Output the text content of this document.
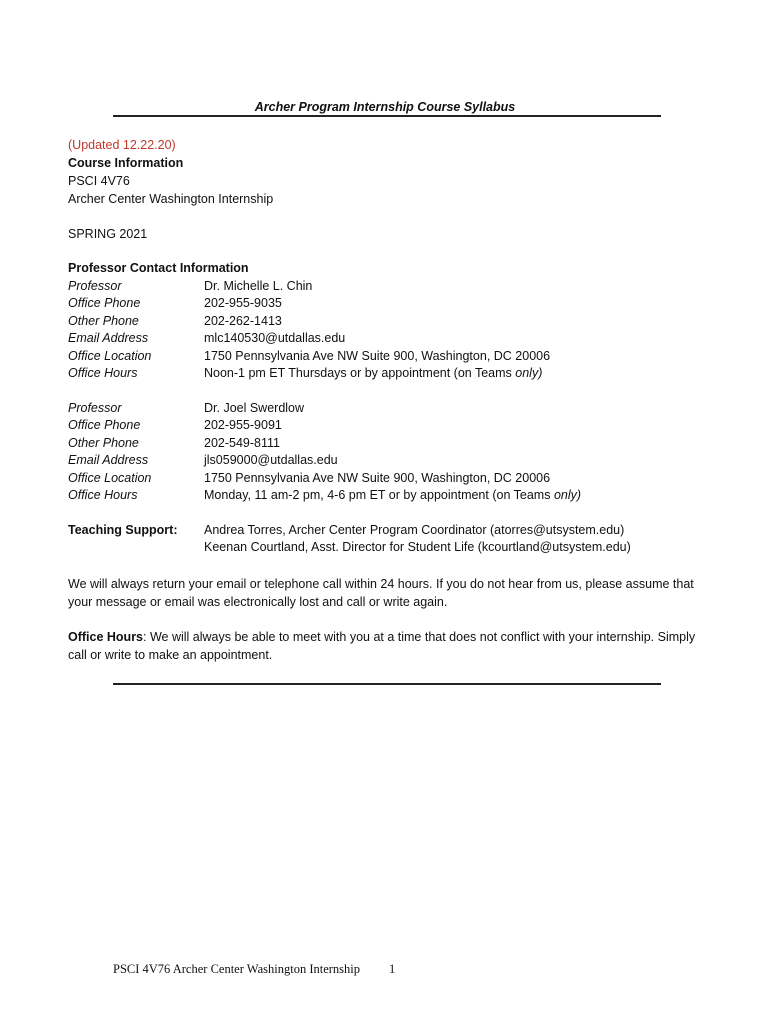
Archer Program Internship Course Syllabus
(Updated 12.22.20)
Course Information
PSCI 4V76
Archer Center Washington Internship
SPRING 2021
Professor Contact Information
Professor	Dr. Michelle L. Chin
Office Phone	202-955-9035
Other Phone	202-262-1413
Email Address	mlc140530@utdallas.edu
Office Location	1750 Pennsylvania Ave NW Suite 900, Washington, DC 20006
Office Hours	Noon-1 pm ET Thursdays or by appointment (on Teams only)
Professor	Dr. Joel Swerdlow
Office Phone	202-955-9091
Other Phone	202-549-8111
Email Address	jls059000@utdallas.edu
Office Location	1750 Pennsylvania Ave NW Suite 900, Washington, DC 20006
Office Hours	Monday, 11 am-2 pm, 4-6 pm ET or by appointment (on Teams only)
Teaching Support: Andrea Torres, Archer Center Program Coordinator (atorres@utsystem.edu)
Keenan Courtland, Asst. Director for Student Life (kcourtland@utsystem.edu)
We will always return your email or telephone call within 24 hours. If you do not hear from us, please assume that your message or email was electronically lost and call or write again.
Office Hours: We will always be able to meet with you at a time that does not conflict with your internship. Simply call or write to make an appointment.
PSCI 4V76 Archer Center Washington Internship 1
